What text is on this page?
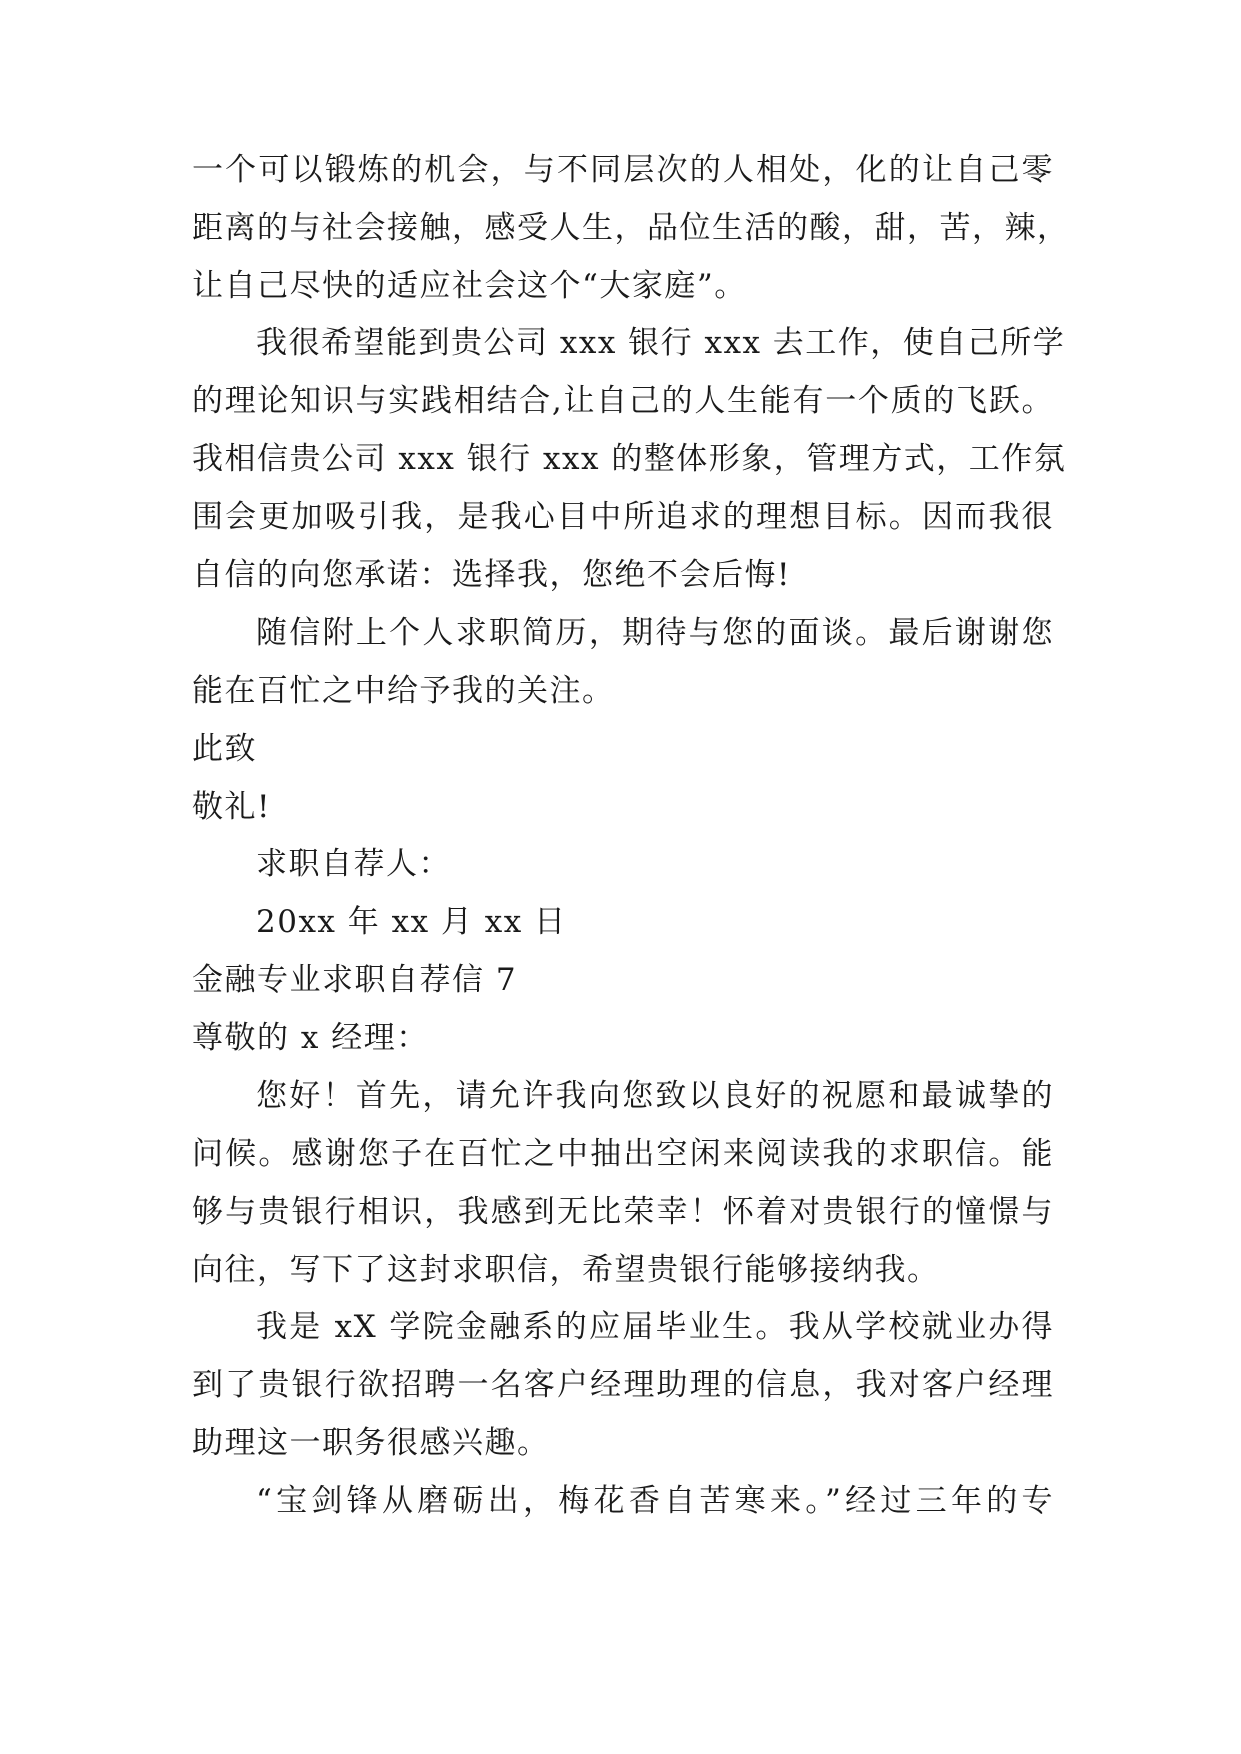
一个可以锻炼的机会，与不同层次的人相处，化的让自己零
距离的与社会接触，感受人生，品位生活的酸，甜，苦，辣，
让自己尽快的适应社会这个“大家庭”。
我很希望能到贵公司 xxx 银行 xxx 去工作，使自己所学
的理论知识与实践相结合,让自己的人生能有一个质的飞跃。
我相信贵公司 xxx 银行 xxx 的整体形象，管理方式，工作氛
围会更加吸引我，是我心目中所追求的理想目标。因而我很
自信的向您承诺：选择我，您绝不会后悔!
随信附上个人求职简历，期待与您的面谈。最后谢谢您
能在百忙之中给予我的关注。
此致
敬礼!
求职自荐人：
20xx 年 xx 月 xx 日
金融专业求职自荐信 7
尊敬的 x 经理：
您好！首先，请允许我向您致以良好的祝愿和最诚挚的
问候。感谢您子在百忙之中抽出空闲来阅读我的求职信。能
够与贵银行相识，我感到无比荣幸！怀着对贵银行的憧憬与
向往，写下了这封求职信，希望贵银行能够接纳我。
我是 xX 学院金融系的应届毕业生。我从学校就业办得
到了贵银行欲招聘一名客户经理助理的信息，我对客户经理
助理这一职务很感兴趣。
“宝剑锋从磨砺出，梅花香自苦寒来。”经过三年的专
